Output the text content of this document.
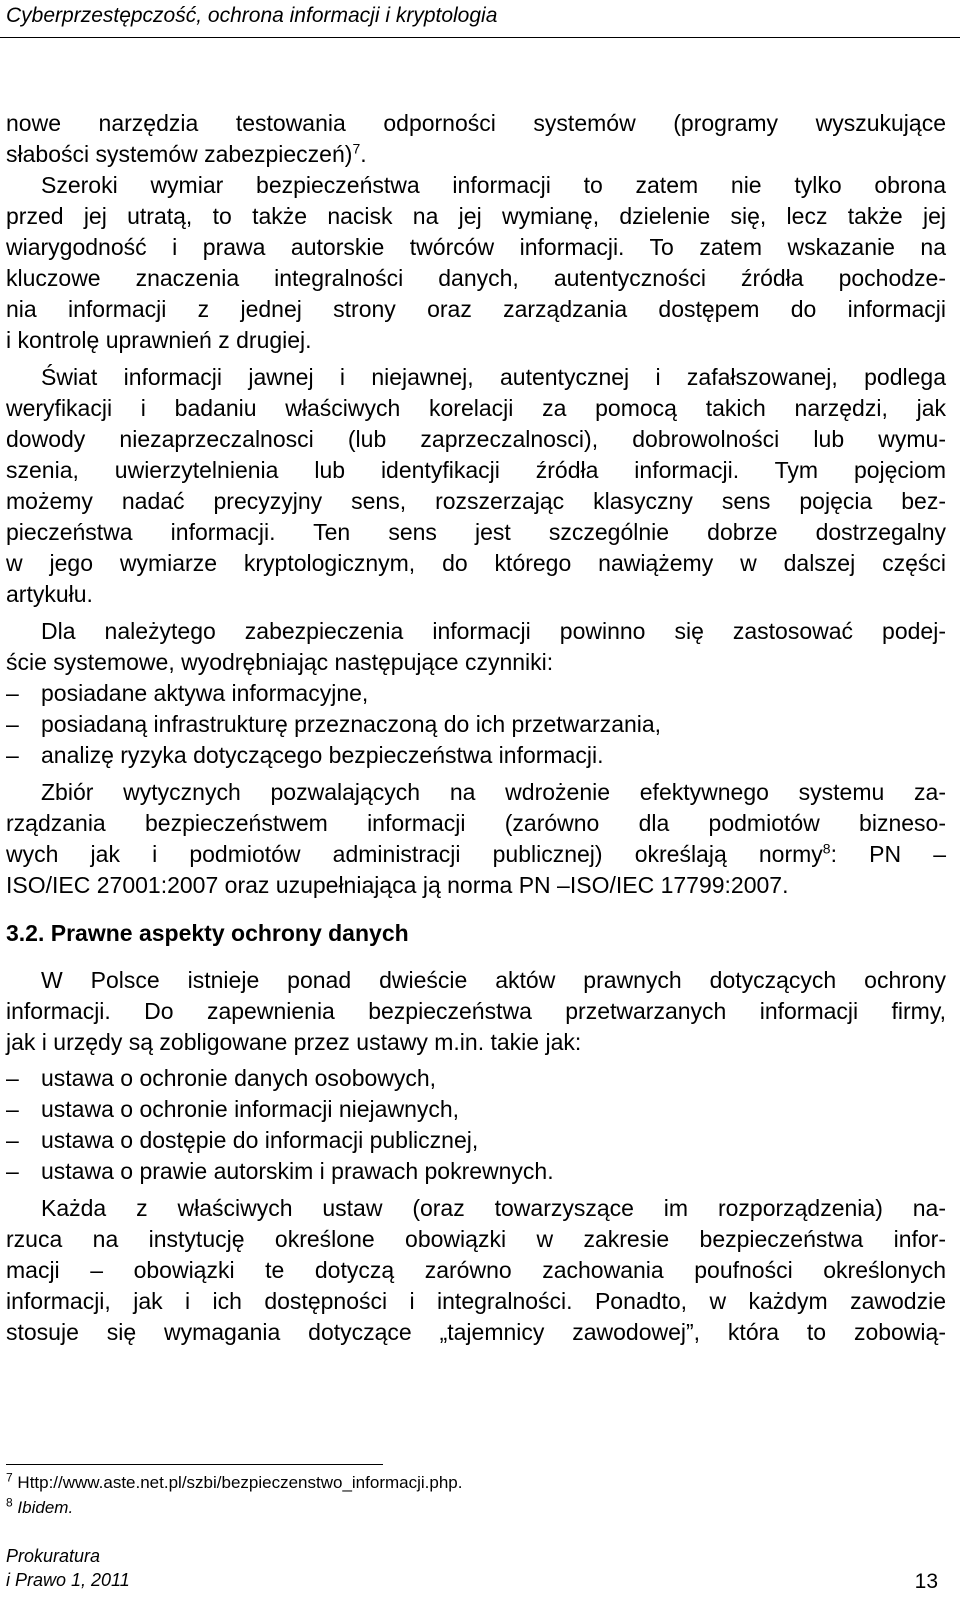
Cyberprzestępczość, ochrona informacji i kryptologia
nowe narzędzia testowania odporności systemów (programy wyszukujące
słabości systemów zabezpieczeń)$^7$.
Szeroki wymiar bezpieczeństwa informacji to zatem nie tylko obrona
przed jej utratą, to także nacisk na jej wymianę, dzielenie się, lecz także jej
wiarygodność i prawa autorskie twórców informacji. To zatem wskazanie na
kluczowe znaczenia integralności danych, autentyczności źródła pochodze-
nia informacji z jednej strony oraz zarządzania dostępem do informacji
i kontrolę uprawnień z drugiej.
Świat informacji jawnej i niejawnej, autentycznej i zafałszowanej, podlega
weryfikacji i badaniu właściwych korelacji za pomocą takich narzędzi, jak
dowody niezaprzeczalnosci (lub zaprzeczalnosci), dobrowolności lub wymu-
szenia, uwierzytelnienia lub identyfikacji źródła informacji. Tym pojęciom
możemy nadać precyzyjny sens, rozszerzając klasyczny sens pojęcia bez-
pieczeństwa informacji. Ten sens jest szczególnie dobrze dostrzegalny
w jego wymiarze kryptologicznym, do którego nawiążemy w dalszej części
artykułu.
Dla należytego zabezpieczenia informacji powinno się zastosować podej-
ście systemowe, wyodrębniając następujące czynniki:
– posiadane aktywa informacyjne,
– posiadaną infrastrukturę przeznaczoną do ich przetwarzania,
– analizę ryzyka dotyczącego bezpieczeństwa informacji.
Zbiór wytycznych pozwalających na wdrożenie efektywnego systemu za-
rządzania bezpieczeństwem informacji (zarówno dla podmiotów bizneso-
wych jak i podmiotów administracji publicznej) określają normy$^8$: PN –
ISO/IEC 27001:2007 oraz uzupełniająca ją norma PN –ISO/IEC 17799:2007.
3.2. Prawne aspekty ochrony danych
W Polsce istnieje ponad dwieście aktów prawnych dotyczących ochrony
informacji. Do zapewnienia bezpieczeństwa przetwarzanych informacji firmy,
jak i urzędy są zobligowane przez ustawy m.in. takie jak:
– ustawa o ochronie danych osobowych,
– ustawa o ochronie informacji niejawnych,
– ustawa o dostępie do informacji publicznej,
– ustawa o prawie autorskim i prawach pokrewnych.
Każda z właściwych ustaw (oraz towarzyszące im rozporządzenia) na-
rzuca na instytucję określone obowiązki w zakresie bezpieczeństwa infor-
macji – obowiązki te dotyczą zarówno zachowania poufności określonych
informacji, jak i ich dostępności i integralności. Ponadto, w każdym zawodzie
stosuje się wymagania dotyczące „tajemnicy zawodowej”, która to zobowią-
$^7$ Http://www.aste.net.pl/szbi/bezpieczenstwo_informacji.php.
$^8$ Ibidem.
Prokuratura
i Prawo 1, 2011	13
